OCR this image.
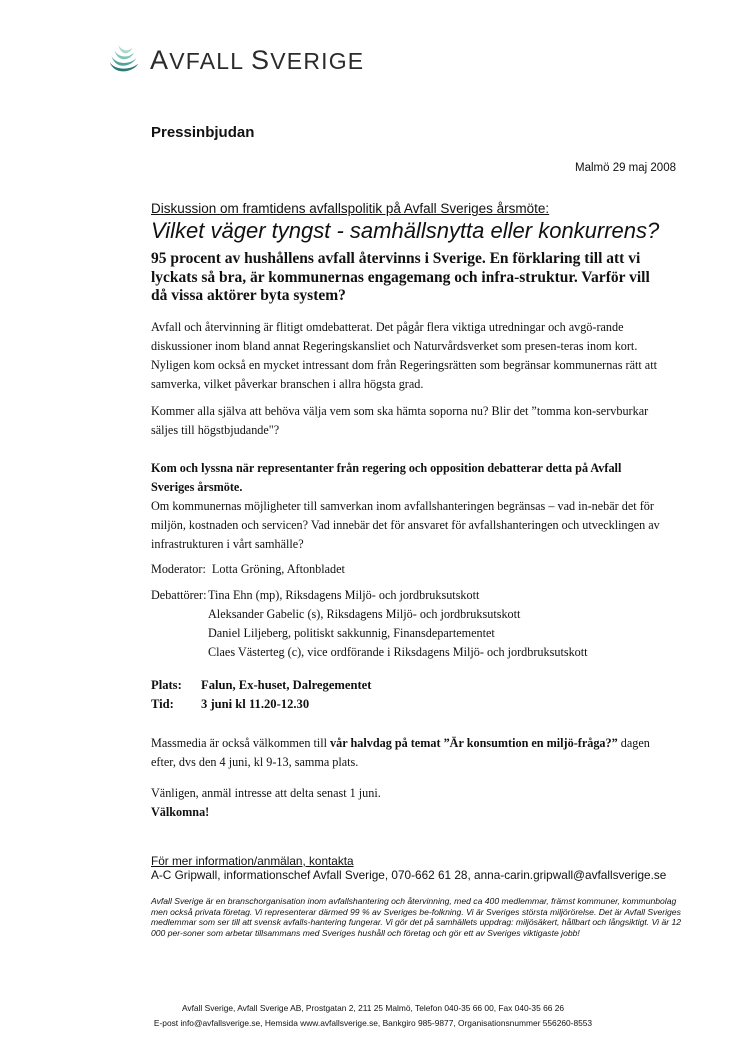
AVFALL SVERIGE
Pressinbjudan
Malmö 29 maj 2008
Diskussion om framtidens avfallspolitik på Avfall Sveriges årsmöte:
Vilket väger tyngst - samhällsnytta eller konkurrens?
95 procent av hushållens avfall återvinns i Sverige. En förklaring till att vi lyckats så bra, är kommunernas engagemang och infra-struktur. Varför vill då vissa aktörer byta system?
Avfall och återvinning är flitigt omdebatterat. Det pågår flera viktiga utredningar och avgö-rande diskussioner inom bland annat Regeringskansliet och Naturvårdsverket som presen-teras inom kort. Nyligen kom också en mycket intressant dom från Regeringsrätten som begränsar kommunernas rätt att samverka, vilket påverkar branschen i allra högsta grad.
Kommer alla själva att behöva välja vem som ska hämta soporna nu? Blir det ”tomma kon-servburkar säljes till högstbjudande"?
Kom och lyssna när representanter från regering och opposition debatterar detta på Avfall Sveriges årsmöte.
Om kommunernas möjligheter till samverkan inom avfallshanteringen begränsas – vad in-nebär det för miljön, kostnaden och servicen? Vad innebär det för ansvaret för avfallshanteringen och utvecklingen av infrastrukturen i vårt samhälle?
Moderator: Lotta Gröning, Aftonbladet
Debattörer: Tina Ehn (mp), Riksdagens Miljö- och jordbruksutskott
Aleksander Gabelic (s), Riksdagens Miljö- och jordbruksutskott
Daniel Liljeberg, politiskt sakkunnig, Finansdepartementet
Claes Västerteg (c), vice ordförande i Riksdagens Miljö- och jordbruksutskott
Plats: Falun, Ex-huset, Dalregementet
Tid: 3 juni kl 11.20-12.30
Massmedia är också välkommen till vår halvdag på temat ”Är konsumtion en miljö-fråga?” dagen efter, dvs den 4 juni, kl 9-13, samma plats.
Vänligen, anmäl intresse att delta senast 1 juni.
Välkomna!
För mer information/anmälan, kontakta
A-C Gripwall, informationschef Avfall Sverige, 070-662 61 28, anna-carin.gripwall@avfallsverige.se
Avfall Sverige är en branschorganisation inom avfallshantering och återvinning, med ca 400 medlemmar, främst kommuner, kommunbolag men också privata företag. Vi representerar därmed 99 % av Sveriges be-folkning. Vi är Sveriges största miljörörelse. Det är Avfall Sveriges medlemmar som ser till att svensk avfalls-hantering fungerar. Vi gör det på samhällets uppdrag: miljösäkert, hållbart och långsiktigt. Vi är 12 000 per-soner som arbetar tillsammans med Sveriges hushåll och företag och gör ett av Sveriges viktigaste jobb!
Avfall Sverige, Avfall Sverige AB, Prostgatan 2, 211 25 Malmö, Telefon 040-35 66 00, Fax 040-35 66 26
E-post info@avfallsverige.se, Hemsida www.avfallsverige.se, Bankgiro 985-9877, Organisationsnummer 556260-8553
